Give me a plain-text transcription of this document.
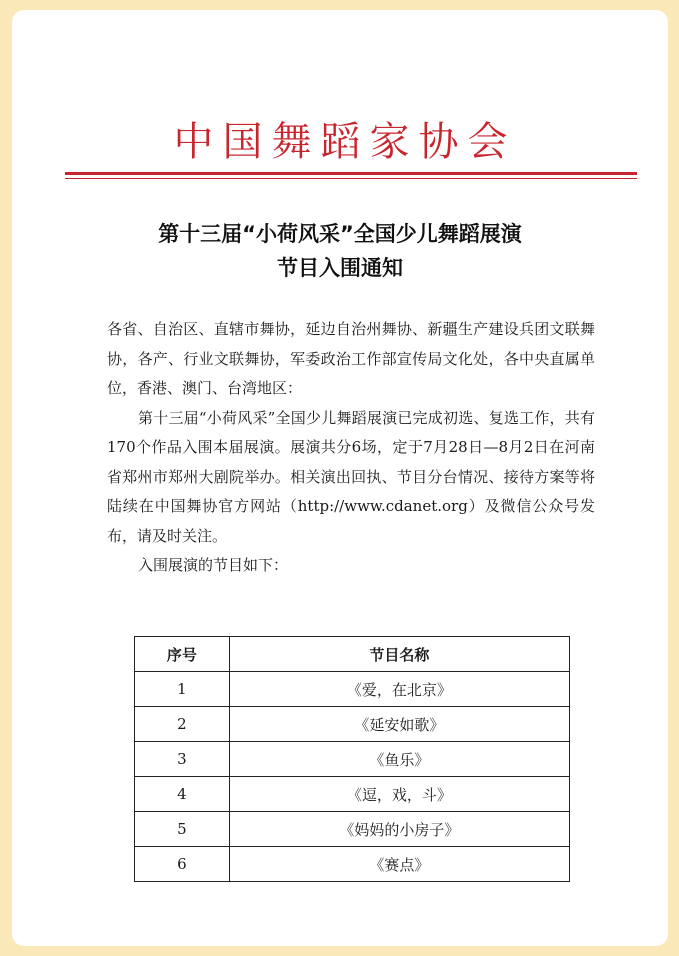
中国舞蹈家协会
第十三届“小荷风采”全国少儿舞蹈展演
节目入围通知

各省、自治区、直辖市舞协，延边自治州舞协、新疆生产建设兵团文联舞协，各产、行业文联舞协，军委政治工作部宣传局文化处，各中央直属单位，香港、澳门、台湾地区：

第十三届“小荷风采”全国少儿舞蹈展演已完成初选、复选工作，共有170个作品入围本届展演。展演共分6场，定于7月28日—8月2日在河南省郑州市郑州大剧院举办。相关演出回执、节目分台情况、接待方案等将陆续在中国舞协官方网站（http://www.cdanet.org）及微信公众号发布，请及时关注。

入围展演的节目如下：

序号	节目名称
1	《爱，在北京》
2	《延安如歌》
3	《鱼乐》
4	《逗，戏，斗》
5	《妈妈的小房子》
6	《赛点》
